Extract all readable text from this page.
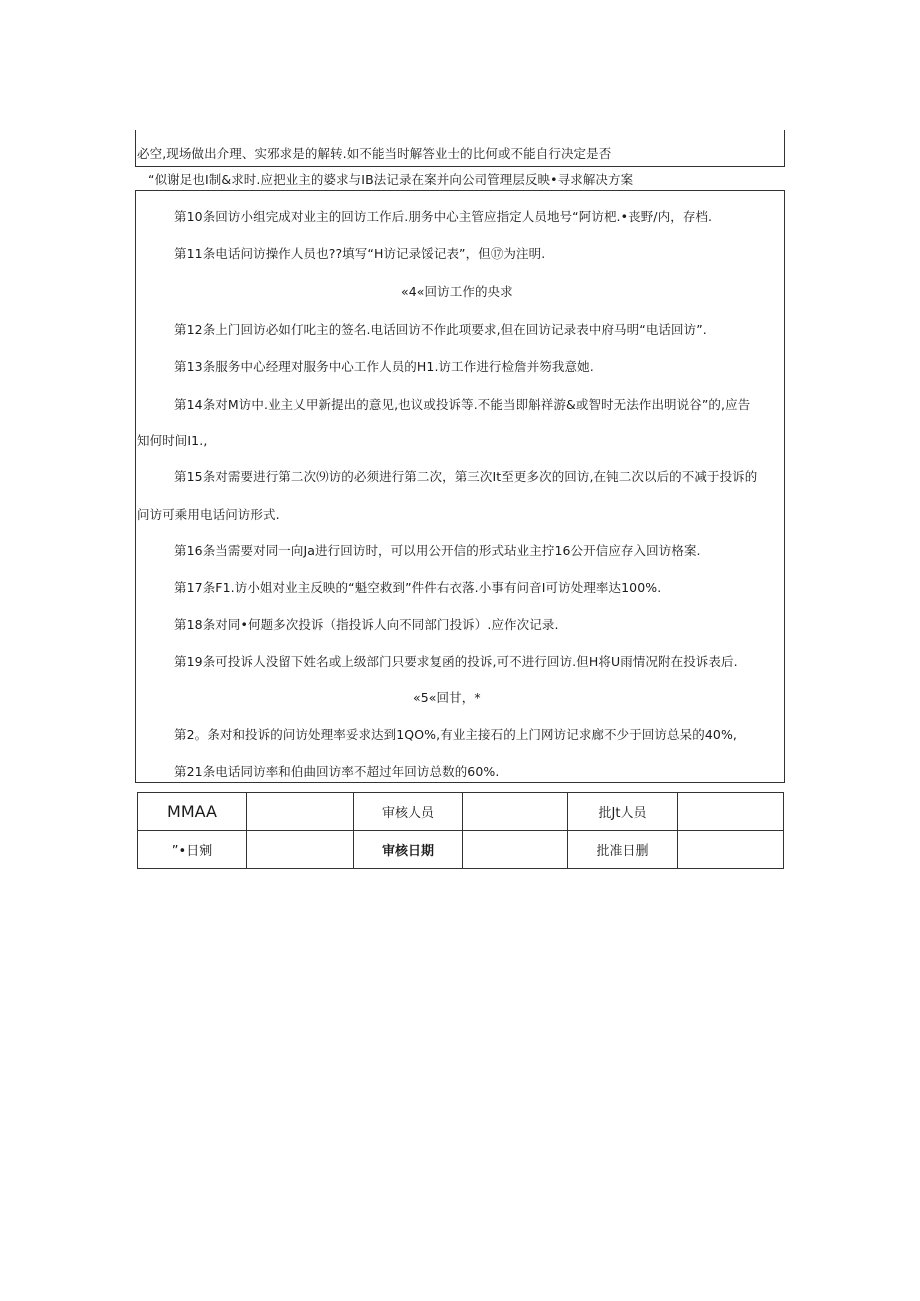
必空,现场做出介理、实邪求是的解转.如不能当时解答业士的比何或不能自行决定是否
“似谢足也I制&求时.应把业主的婆求与IB法记录在案并向公司管理层反映•寻求解决方案
第10条回访小组完成对业主的回访工作后.朋务中心主管应指定人员地号“阿访杷.•丧野/内，存档.
第11条电话问访操作人员也??填写“H访记录馁记表”，但⑰为注明.
«4«回访工作的央求
第12条上门回访必如仃叱主的签名.电话回访不作此项要求,但在回访记录表中府马明“电话回访”.
第13条服务中心经理对服务中心工作人员的H1.访工作进行检詹并笏我意她.
第14条对M访中.业主乂甲新提出的意见,也议或投诉等.不能当即斛祥游&或智时无法作出明说谷”的,应告
知何时间I1.,
第15条对需要进行第二次⑼访的必须进行第二次，第三次It至更多次的回访,在钝二次以后的不减于投诉的
问访可乘用电话问访形式.
第16条当需要对同一向Ja进行回访时，可以用公开信的形式玷业主拧16公开信应存入回访格案.
第17条F1.访小姐对业主反映的“魁空救到”件件右衣落.小事有问音I可访处理率达100%.
第18条对同•何题多次投诉（指投诉人向不同部门投诉）.应作次记录.
第19条可投诉人没留下姓名或上级部门只要求复函的投诉,可不进行回访.但H将U雨情况附在投诉表后.
«5«回甘，*
第2。条对和投诉的问访处理率妥求达到1QO%,有业主接石的上门网访记求廊不少于回访总呆的40%,
第21条电话同访率和伯曲回访率不超过年回访总数的60%.
MMAA		审核人员		批Jt人员	
”•日剜		审核日期		批准日删	
